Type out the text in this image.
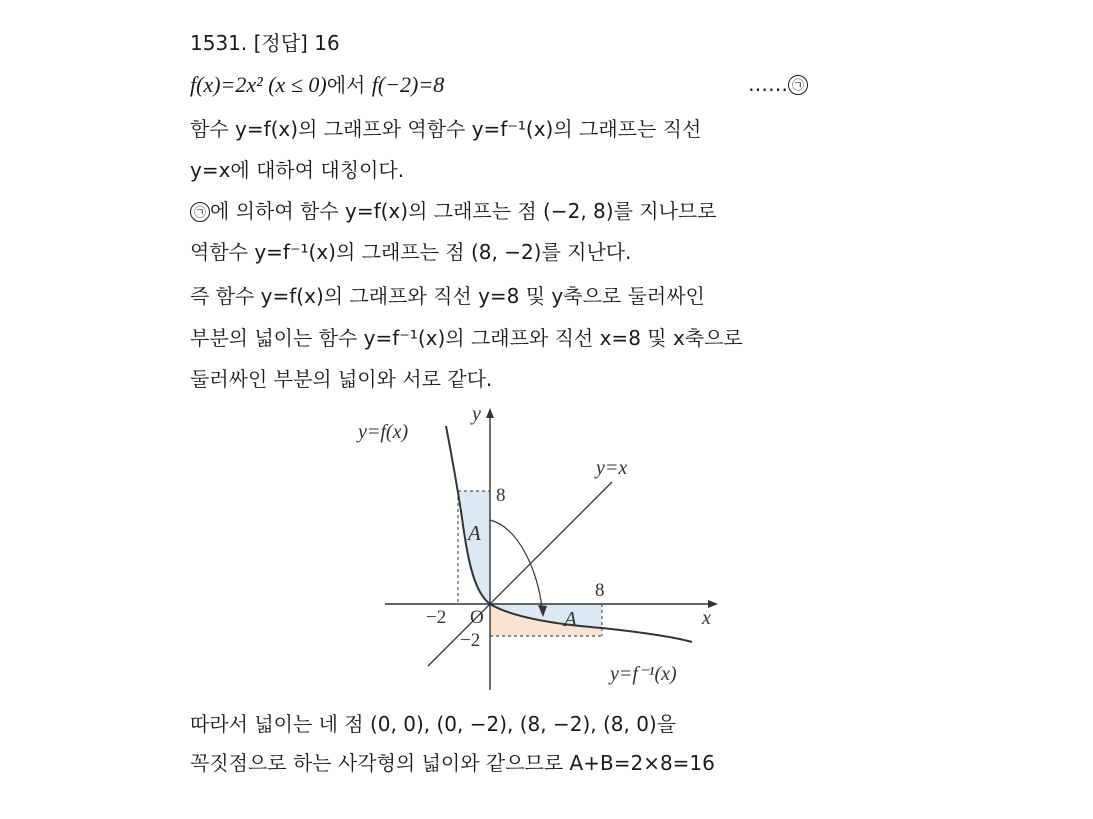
1531. [정답] 16
f(x)=2x² (x ≤ 0)에서 f(−2)=8	…… ㉠
함수 y=f(x)의 그래프와 역함수 y=f⁻¹(x)의 그래프는 직선
y=x에 대하여 대칭이다.
㉠ 에 의하여 함수 y=f(x)의 그래프는 점 (−2, 8)를 지나므로
역함수 y=f⁻¹(x)의 그래프는 점 (8, −2)를 지난다.
즉 함수 y=f(x)의 그래프와 직선 y=8 및 y축으로 둘러싸인
부분의 넓이는 함수 y=f⁻¹(x)의 그래프와 직선 x=8 및 x축으로
둘러싸인 부분의 넓이와 서로 같다.
y=f(x)
y=x
y=f⁻¹(x)
y
x
O
8
8
−2
−2
A
A
따라서 넓이는 네 점 (0, 0), (0, −2), (8, −2), (8, 0)을
꼭짓점으로 하는 사각형의 넓이와 같으므로 A+B=2×8=16
